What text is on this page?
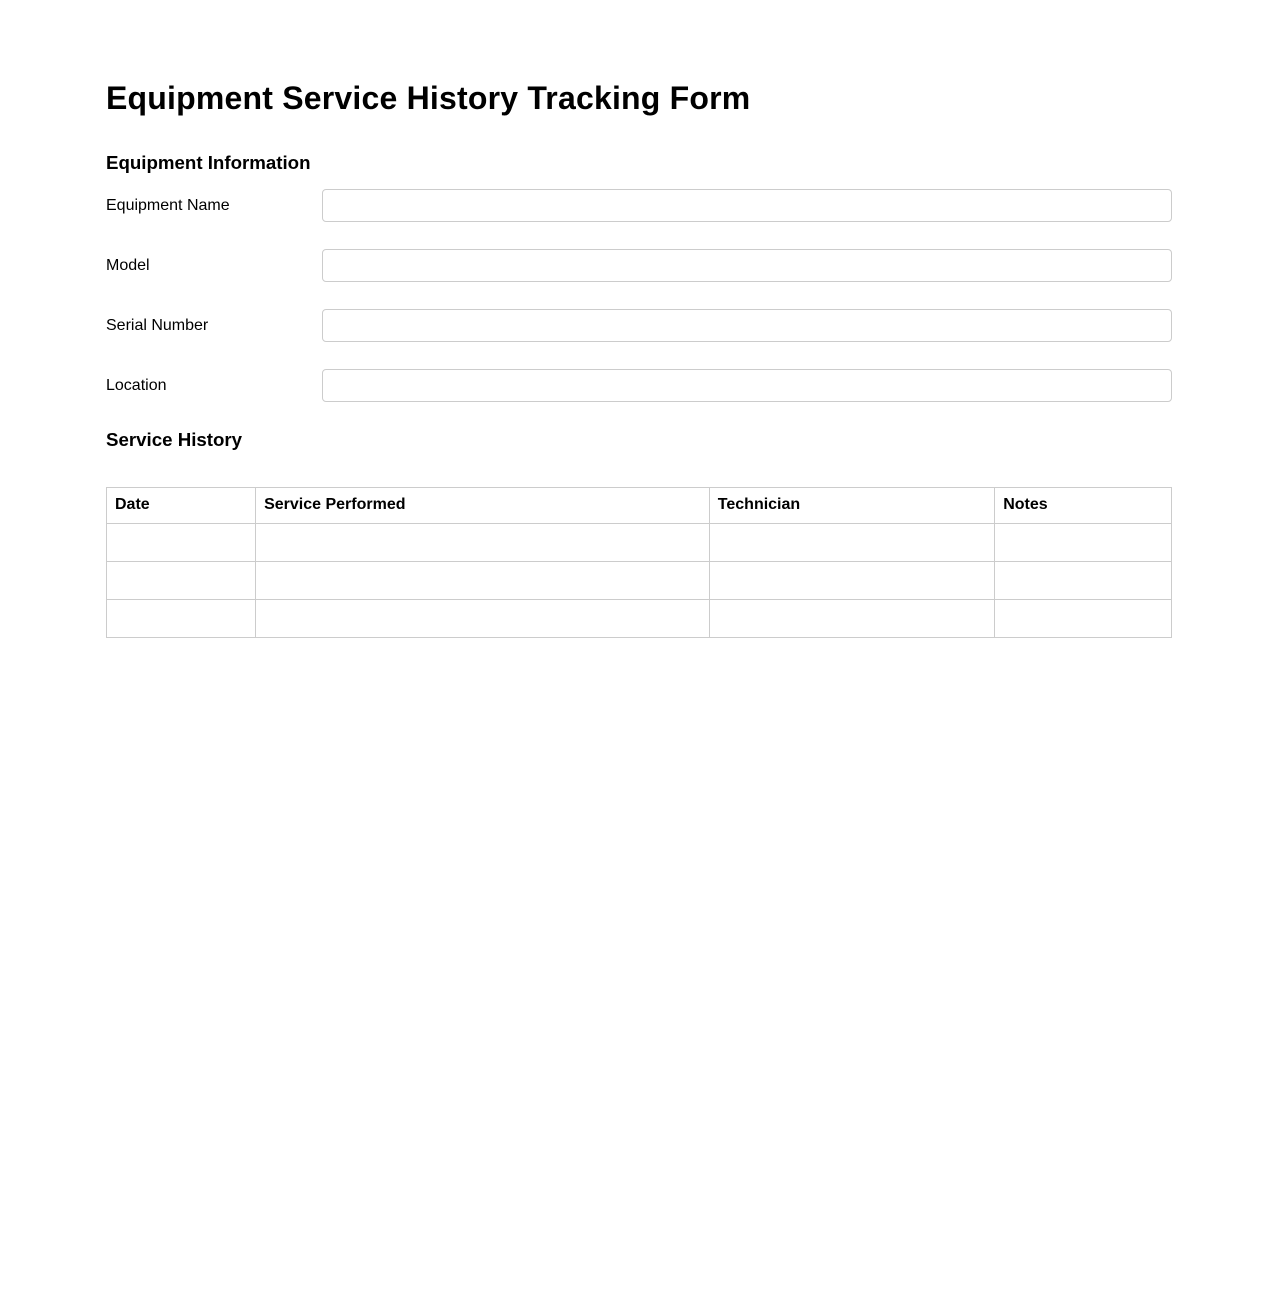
Equipment Service History Tracking Form
Equipment Information
Equipment Name
Model
Serial Number
Location
Service History
Date	Service Performed	Technician	Notes
